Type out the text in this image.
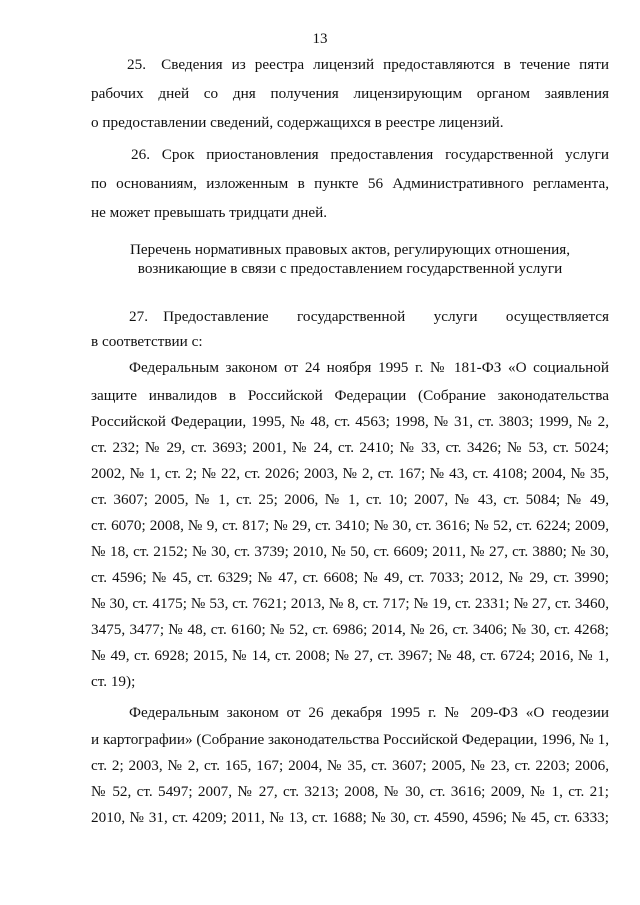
13

25. Сведения из реестра лицензий предоставляются в течение пяти

рабочих дней со дня получения лицензирующим органом заявления

о предоставлении сведений, содержащихся в реестре лицензий.

26. Срок приостановления предоставления государственной услуги

по основаниям, изложенным в пункте 56 Административного регламента,

не может превышать тридцати дней.

Перечень нормативных правовых актов, регулирующих отношения,

возникающие в связи с предоставлением государственной услуги

27. Предоставление государственной услуги осуществляется

в соответствии с:

Федеральным законом от 24 ноября 1995 г. № 181-ФЗ «О социальной

защите инвалидов в Российской Федерации (Собрание законодательства

Российской Федерации, 1995, № 48, ст. 4563; 1998, № 31, ст. 3803; 1999, № 2,

ст. 232; № 29, ст. 3693; 2001, № 24, ст. 2410; № 33, ст. 3426; № 53, ст. 5024;

2002, № 1, ст. 2; № 22, ст. 2026; 2003, № 2, ст. 167; № 43, ст. 4108; 2004, № 35,

ст. 3607; 2005, № 1, ст. 25; 2006, № 1, ст. 10; 2007, № 43, ст. 5084; № 49,

ст. 6070; 2008, № 9, ст. 817; № 29, ст. 3410; № 30, ст. 3616; № 52, ст. 6224; 2009,

№ 18, ст. 2152; № 30, ст. 3739; 2010, № 50, ст. 6609; 2011, № 27, ст. 3880; № 30,

ст. 4596; № 45, ст. 6329; № 47, ст. 6608; № 49, ст. 7033; 2012, № 29, ст. 3990;

№ 30, ст. 4175; № 53, ст. 7621; 2013, № 8, ст. 717; № 19, ст. 2331; № 27, ст. 3460,

3475, 3477; № 48, ст. 6160; № 52, ст. 6986; 2014, № 26, ст. 3406; № 30, ст. 4268;

№ 49, ст. 6928; 2015, № 14, ст. 2008; № 27, ст. 3967; № 48, ст. 6724; 2016, № 1,

ст. 19);

Федеральным законом от 26 декабря 1995 г. № 209-ФЗ «О геодезии

и картографии» (Собрание законодательства Российской Федерации, 1996, № 1,

ст. 2; 2003, № 2, ст. 165, 167; 2004, № 35, ст. 3607; 2005, № 23, ст. 2203; 2006,

№ 52, ст. 5497; 2007, № 27, ст. 3213; 2008, № 30, ст. 3616; 2009, № 1, ст. 21;

2010, № 31, ст. 4209; 2011, № 13, ст. 1688; № 30, ст. 4590, 4596; № 45, ст. 6333;
